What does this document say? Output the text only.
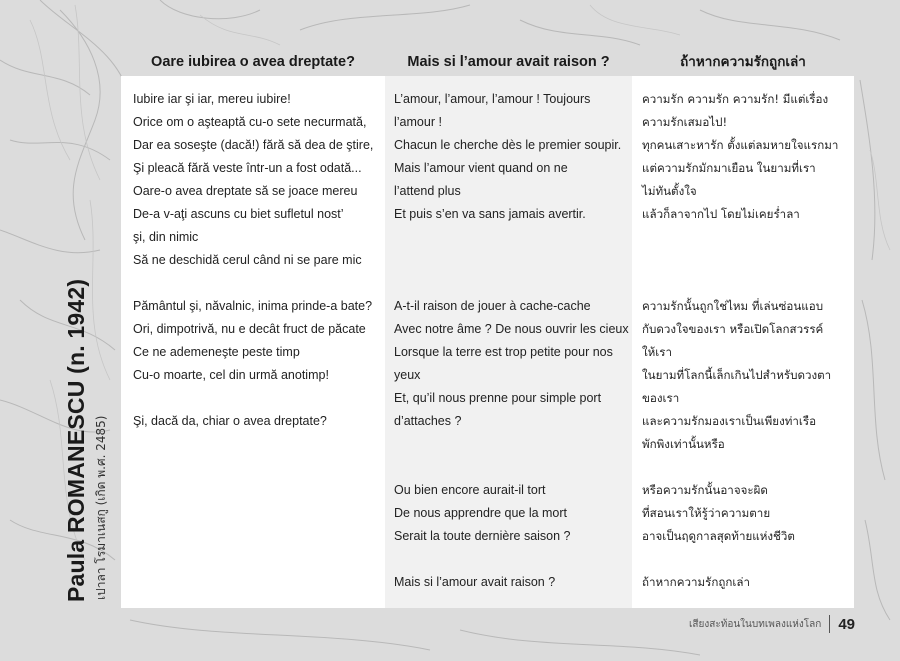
Paula ROMANESCU (n. 1942) เปาลา โรมาเนสกู (เกิด พ.ศ. 2485)
Oare iubirea o avea dreptate?	Mais si l’amour avait raison ?	ถ้าหากความรักถูกเล่า
Iubire iar şi iar, mereu iubire!
Orice om o aşteaptă cu-o sete necurmată,
Dar ea soseşte (dacă!) fără să dea de ştire,
Şi pleacă fără veste într-un a fost odată...
Oare-o avea dreptate să se joace mereu
De-a v-aţi ascuns cu biet sufletul nost’
şi, din nimic
Să ne deschidă cerul când ni se pare mic
Pământul şi, năvalnic, inima prinde-a bate?
Ori, dimpotrivă, nu e decât fruct de păcate
Ce ne ademeneşte peste timp
Cu-o moarte, cel din urmă anotimp!
Şi, dacă da, chiar o avea dreptate?
L’amour, l’amour, l’amour ! Toujours
l’amour !
Chacun le cherche dès le premier soupir.
Mais l’amour vient quand on ne
l’attend plus
Et puis s’en va sans jamais avertir.
A-t-il raison de jouer à cache-cache
Avec notre âme ? De nous ouvrir les cieux
Lorsque la terre est trop petite pour nos
yeux
Et, qu’il nous prenne pour simple port
d’attaches ?
Ou bien encore aurait-il tort
De nous apprendre que la mort
Serait la toute dernière saison ?
Mais si l’amour avait raison ?
ความรัก ความรัก ความรัก! มีแต่เรื่อง
ความรักเสมอไป!
ทุกคนเสาะหารัก ตั้งแต่ลมหายใจแรกมา
แต่ความรักมักมาเยือน ในยามที่เรา
ไม่ทันตั้งใจ
แล้วก็ลาจากไป โดยไม่เคยร่ำลา
ความรักนั้นถูกใช่ไหม ที่เล่นซ่อนแอบ
กับดวงใจของเรา หรือเปิดโลกสวรรค์
ให้เรา
ในยามที่โลกนี้เล็กเกินไปสำหรับดวงตา
ของเรา
และความรักมองเราเป็นเพียงท่าเรือ
พักพิงเท่านั้นหรือ
หรือความรักนั้นอาจจะผิด
ที่สอนเราให้รู้ว่าความตาย
อาจเป็นฤดูกาลสุดท้ายแห่งชีวิต
ถ้าหากความรักถูกเล่า
เสียงสะท้อนในบทเพลงแห่งโลก 49
